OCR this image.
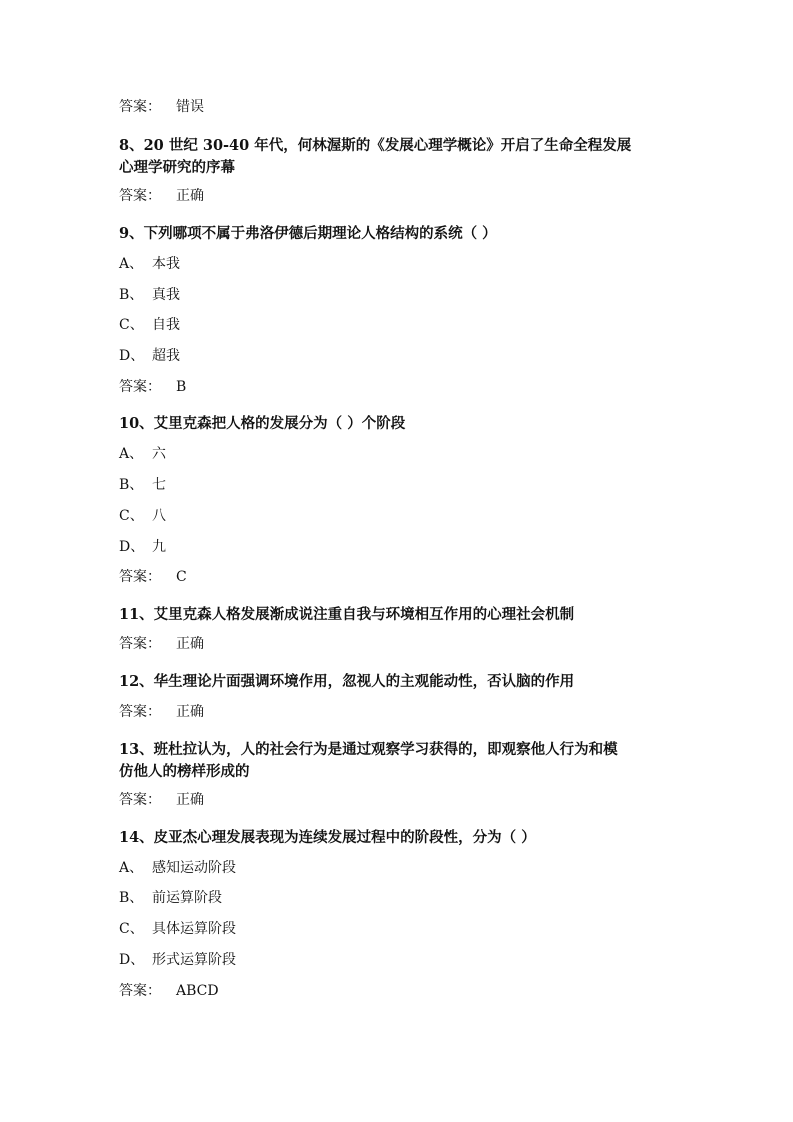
答案： 错误
8、20 世纪 30-40 年代，何林渥斯的《发展心理学概论》开启了生命全程发展
心理学研究的序幕
答案： 正确
9、下列哪项不属于弗洛伊德后期理论人格结构的系统（ ）
A、 本我
B、 真我
C、 自我
D、 超我
答案： B
10、艾里克森把人格的发展分为（ ）个阶段
A、 六
B、 七
C、 八
D、 九
答案： C
11、艾里克森人格发展渐成说注重自我与环境相互作用的心理社会机制
答案： 正确
12、华生理论片面强调环境作用，忽视人的主观能动性，否认脑的作用
答案： 正确
13、班杜拉认为，人的社会行为是通过观察学习获得的，即观察他人行为和模
仿他人的榜样形成的
答案： 正确
14、皮亚杰心理发展表现为连续发展过程中的阶段性，分为（ ）
A、 感知运动阶段
B、 前运算阶段
C、 具体运算阶段
D、 形式运算阶段
答案： ABCD
